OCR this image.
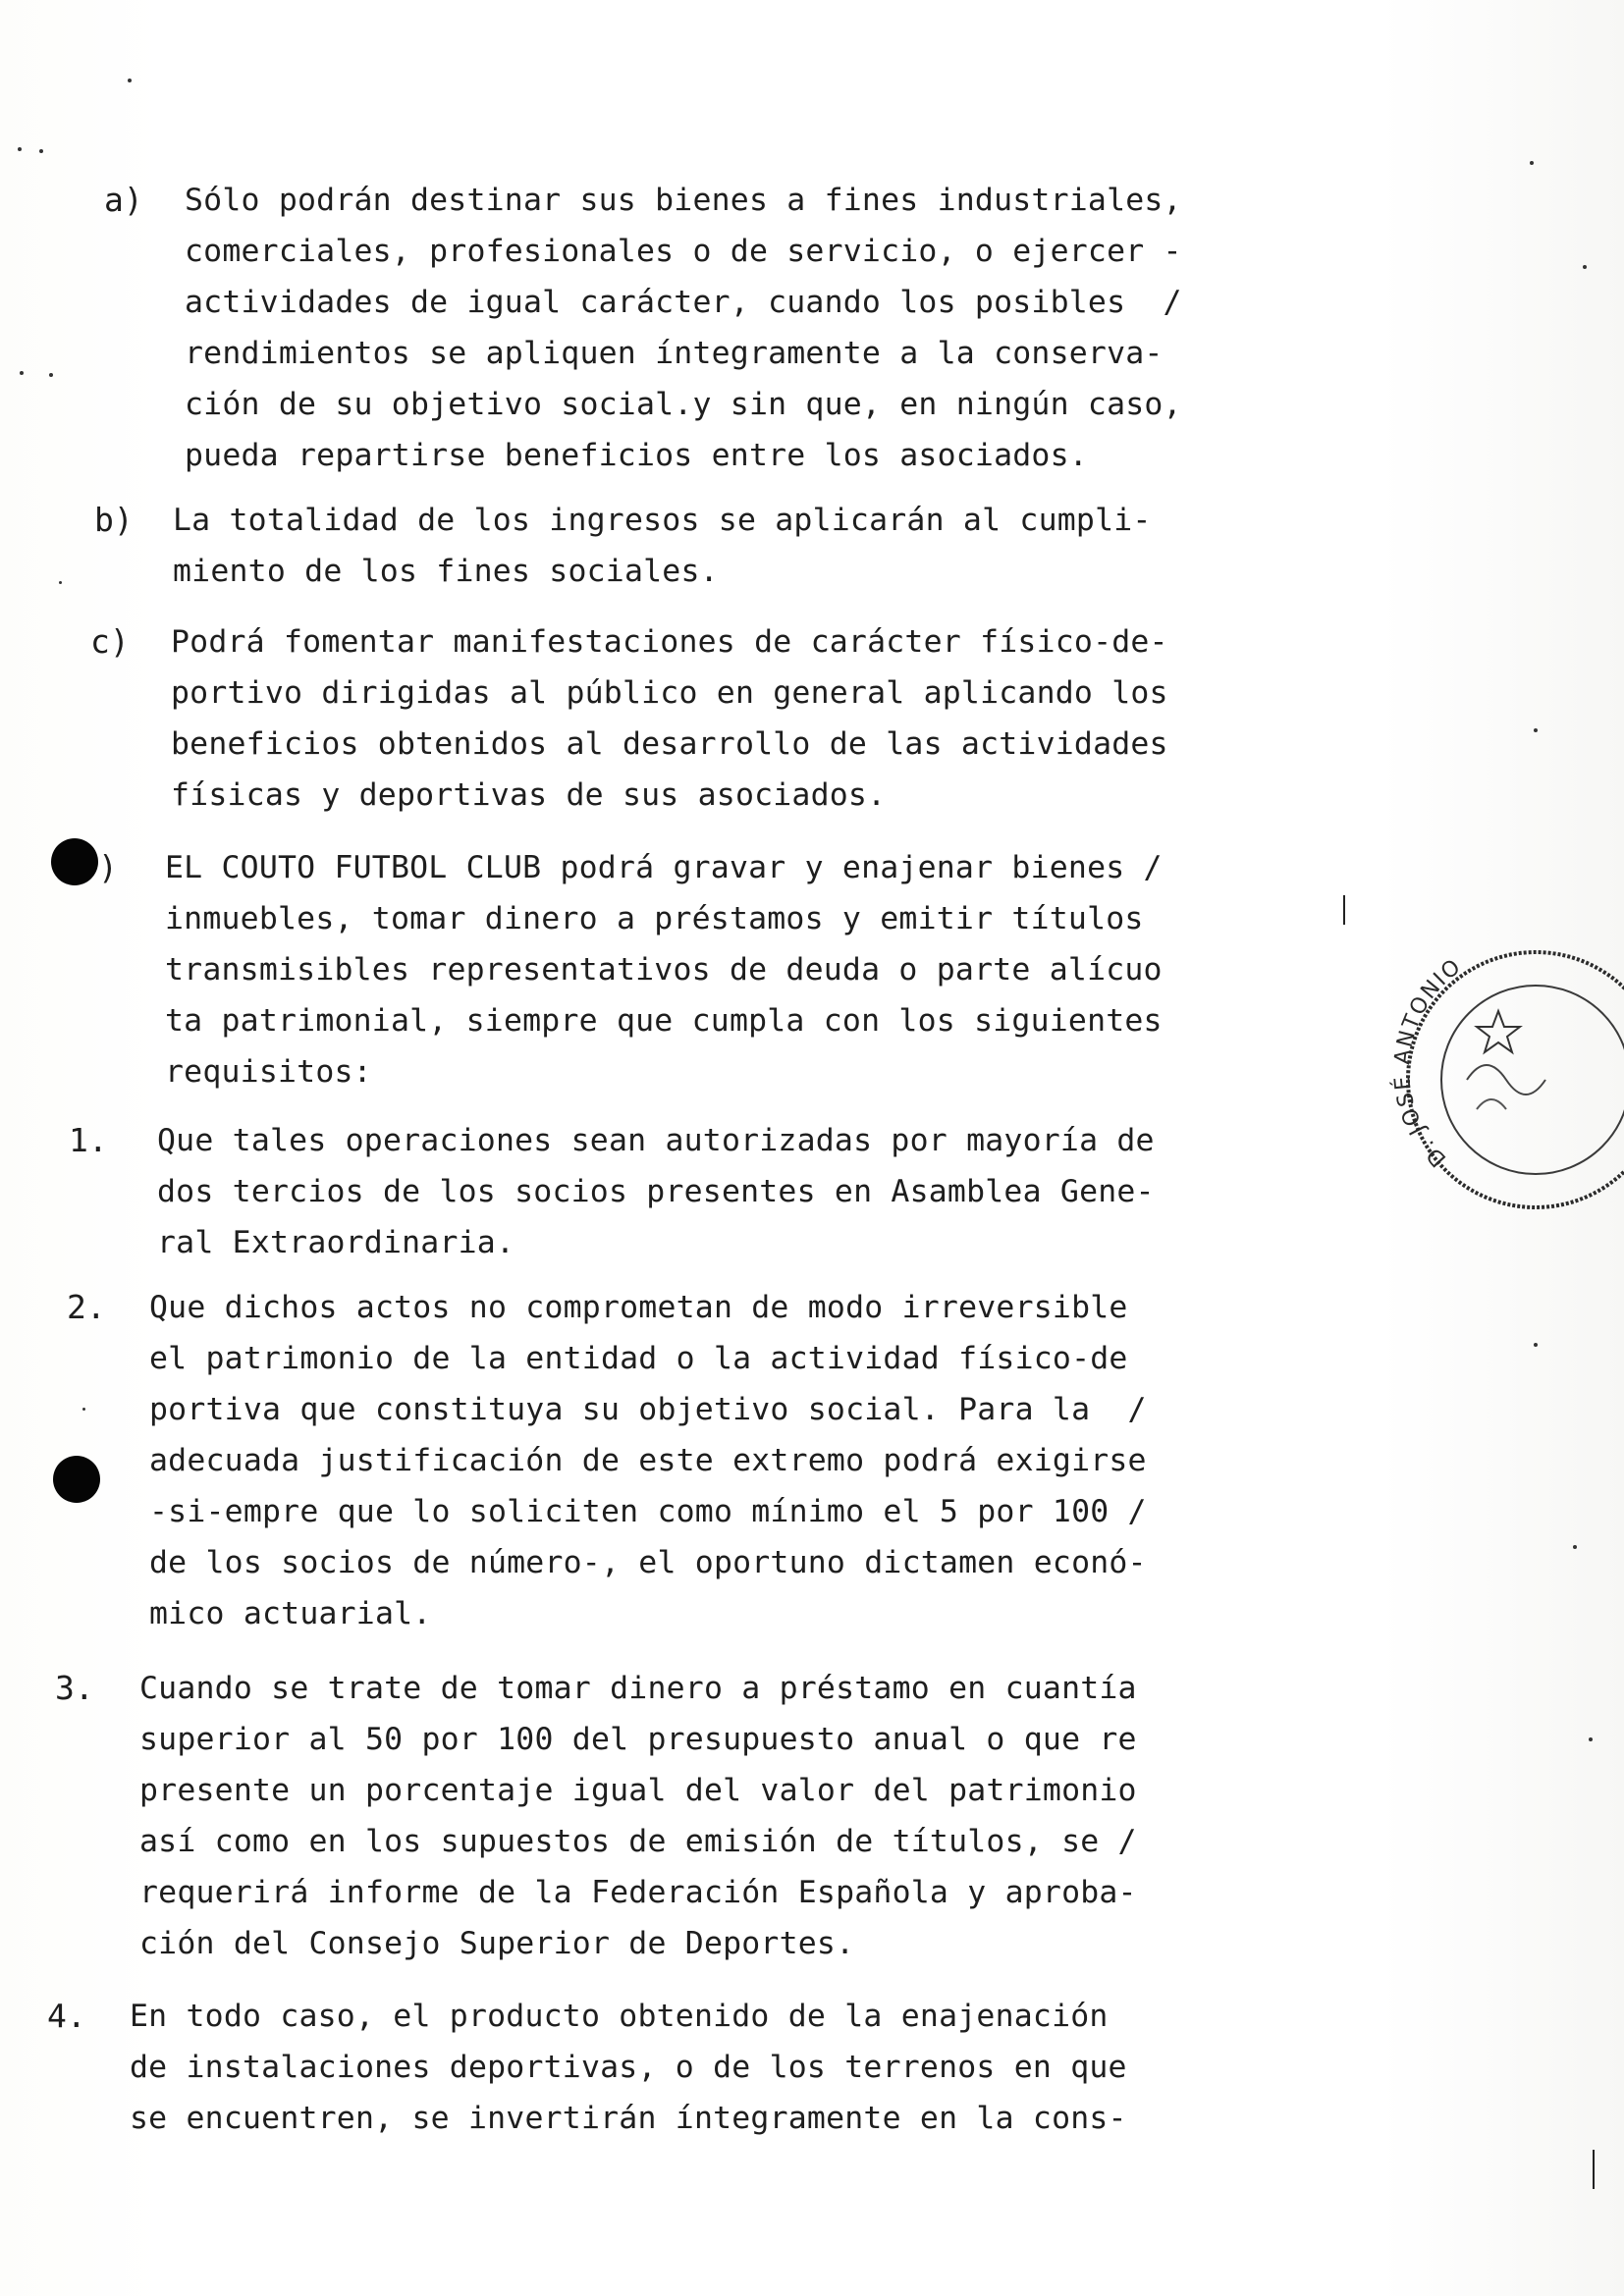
a) Sólo podrán destinar sus bienes a fines industriales,
comerciales, profesionales o de servicio, o ejercer -
actividades de igual carácter, cuando los posibles  /
rendimientos se apliquen íntegramente a la conserva-
ción de su objetivo social.y sin que, en ningún caso,
pueda repartirse beneficios entre los asociados.
b) La totalidad de los ingresos se aplicarán al cumpli-
miento de los fines sociales.
c) Podrá fomentar manifestaciones de carácter físico-de-
portivo dirigidas al público en general aplicando los
beneficios obtenidos al desarrollo de las actividades
físicas y deportivas de sus asociados.
) EL COUTO FUTBOL CLUB podrá gravar y enajenar bienes /
inmuebles, tomar dinero a préstamos y emitir títulos
transmisibles representativos de deuda o parte alícuo
ta patrimonial, siempre que cumpla con los siguientes
requisitos:
1. Que tales operaciones sean autorizadas por mayoría de
dos tercios de los socios presentes en Asamblea Gene-
ral Extraordinaria.
2. Que dichos actos no comprometan de modo irreversible
el patrimonio de la entidad o la actividad físico-de
portiva que constituya su objetivo social. Para la  /
adecuada justificación de este extremo podrá exigirse
-si-empre que lo soliciten como mínimo el 5 por 100 /
de los socios de número-, el oportuno dictamen econó-
mico actuarial.
3. Cuando se trate de tomar dinero a préstamo en cuantía
superior al 50 por 100 del presupuesto anual o que re
presente un porcentaje igual del valor del patrimonio
así como en los supuestos de emisión de títulos, se /
requerirá informe de la Federación Española y aproba-
ción del Consejo Superior de Deportes.
4. En todo caso, el producto obtenido de la enajenación
de instalaciones deportivas, o de los terrenos en que
se encuentren, se invertirán íntegramente en la cons-
D. JOSÉ ANTONIO
